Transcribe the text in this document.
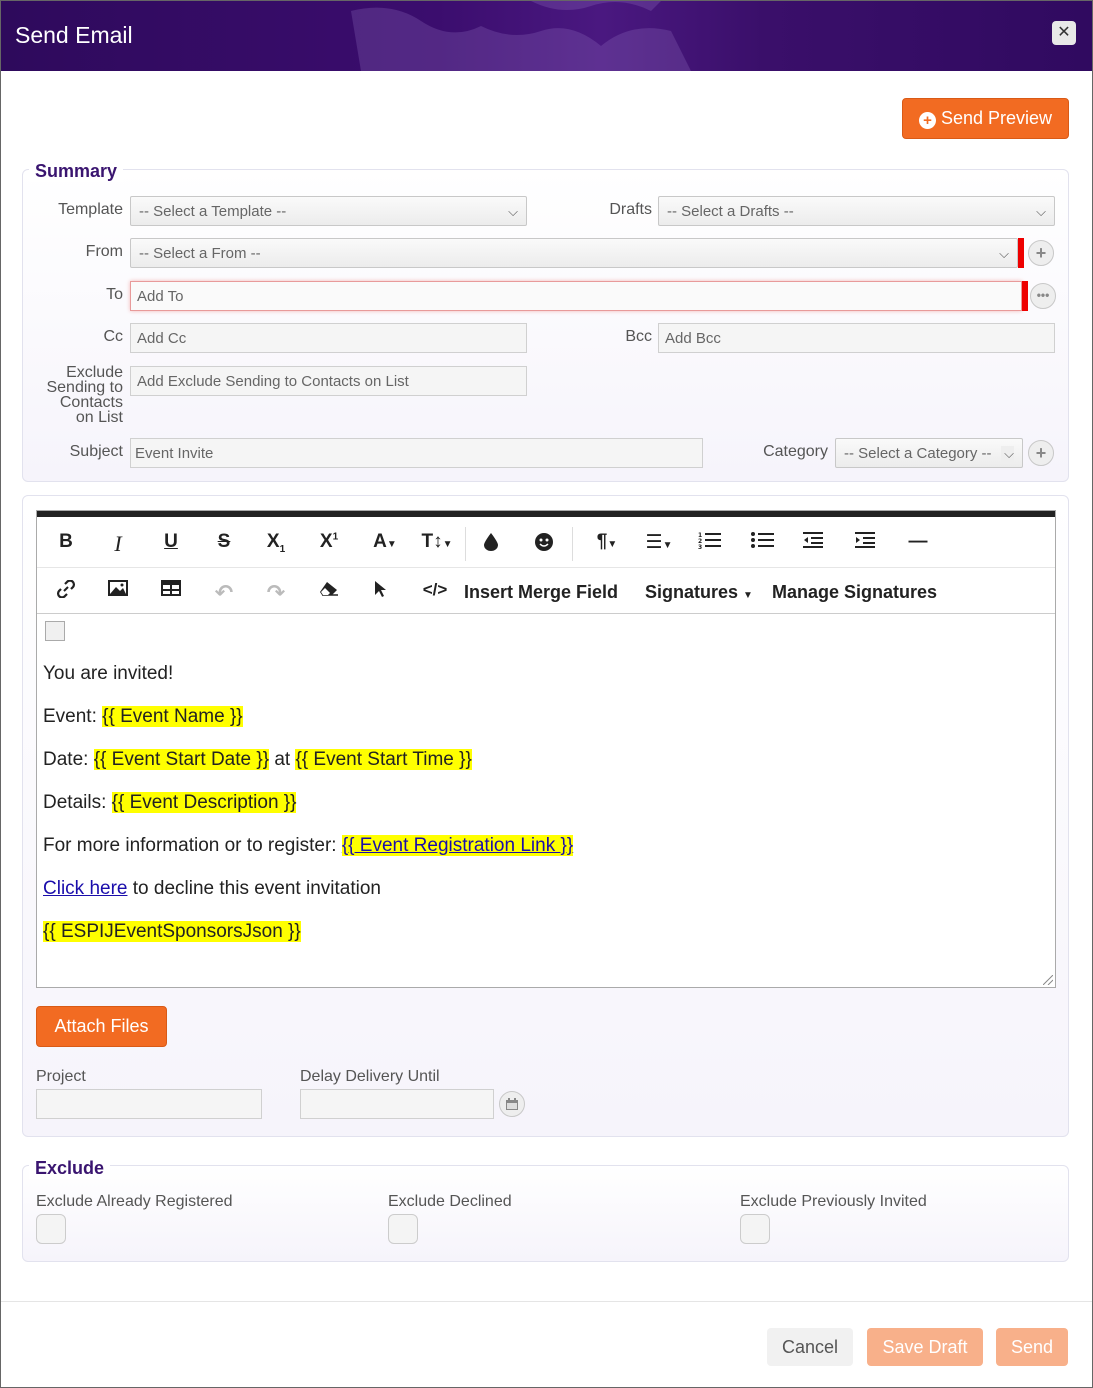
Send Email	✕
+ Send Preview
Summary
Template	-- Select a Template --	⌵	Drafts	-- Select a Drafts --	⌵
From	-- Select a From --	⌵	+
To Add To	•••
Cc Add Cc	Bcc Add Bcc
Exclude
Sending to
Contacts
on List
Add Exclude Sending to Contacts on List
Subject Event Invite	Category	-- Select a Category -- ⌵	+
B	I	U	S	$X_1$	$X^1$	A▼	T↕▼	¶▼	☰▼
1
2
3	—
↶	↷	</> Insert Merge Field Signatures ▼ Manage Signatures

You are invited!

Event: {{ Event Name }}

Date: {{ Event Start Date }} at {{ Event Start Time }}

Details: {{ Event Description }}

For more information or to register: {{ Event Registration Link }}

Click here to decline this event invitation

{{ ESPIJEventSponsorsJson }}

Attach Files
Project	Delay Delivery Until
Exclude
Exclude Already Registered	Exclude Declined	Exclude Previously Invited
Cancel	Save Draft	Send
